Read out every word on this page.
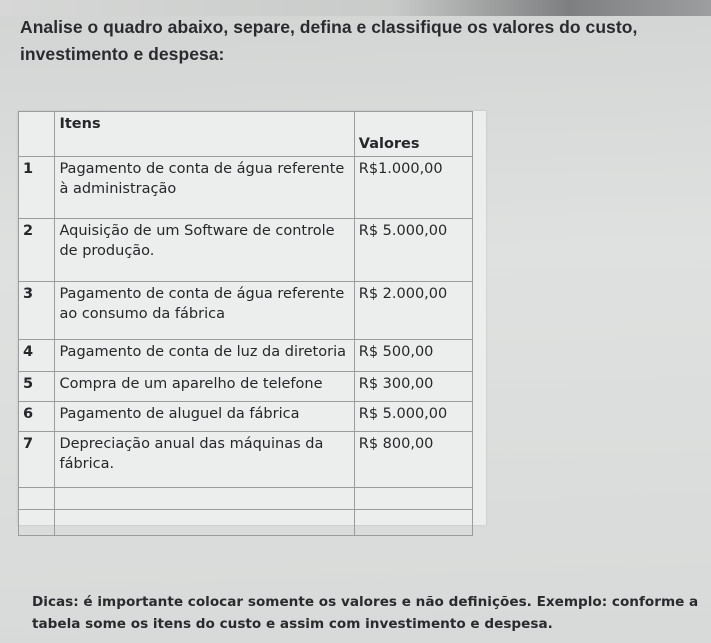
Analise o quadro abaixo, separe, defina e classifique os valores do custo, investimento e despesa:
	Itens	Valores
1	Pagamento de conta de água referente à administração	R$1.000,00
2	Aquisição de um Software de controle de produção.	R$ 5.000,00
3	Pagamento de conta de água referente ao consumo da fábrica	R$ 2.000,00
4	Pagamento de conta de luz da diretoria	R$ 500,00
5	Compra de um aparelho de telefone	R$ 300,00
6	Pagamento de aluguel da fábrica	R$ 5.000,00
7	Depreciação anual das máquinas da fábrica.	R$ 800,00

Dicas: é importante colocar somente os valores e não definições. Exemplo: conforme a tabela some os itens do custo e assim com investimento e despesa.
